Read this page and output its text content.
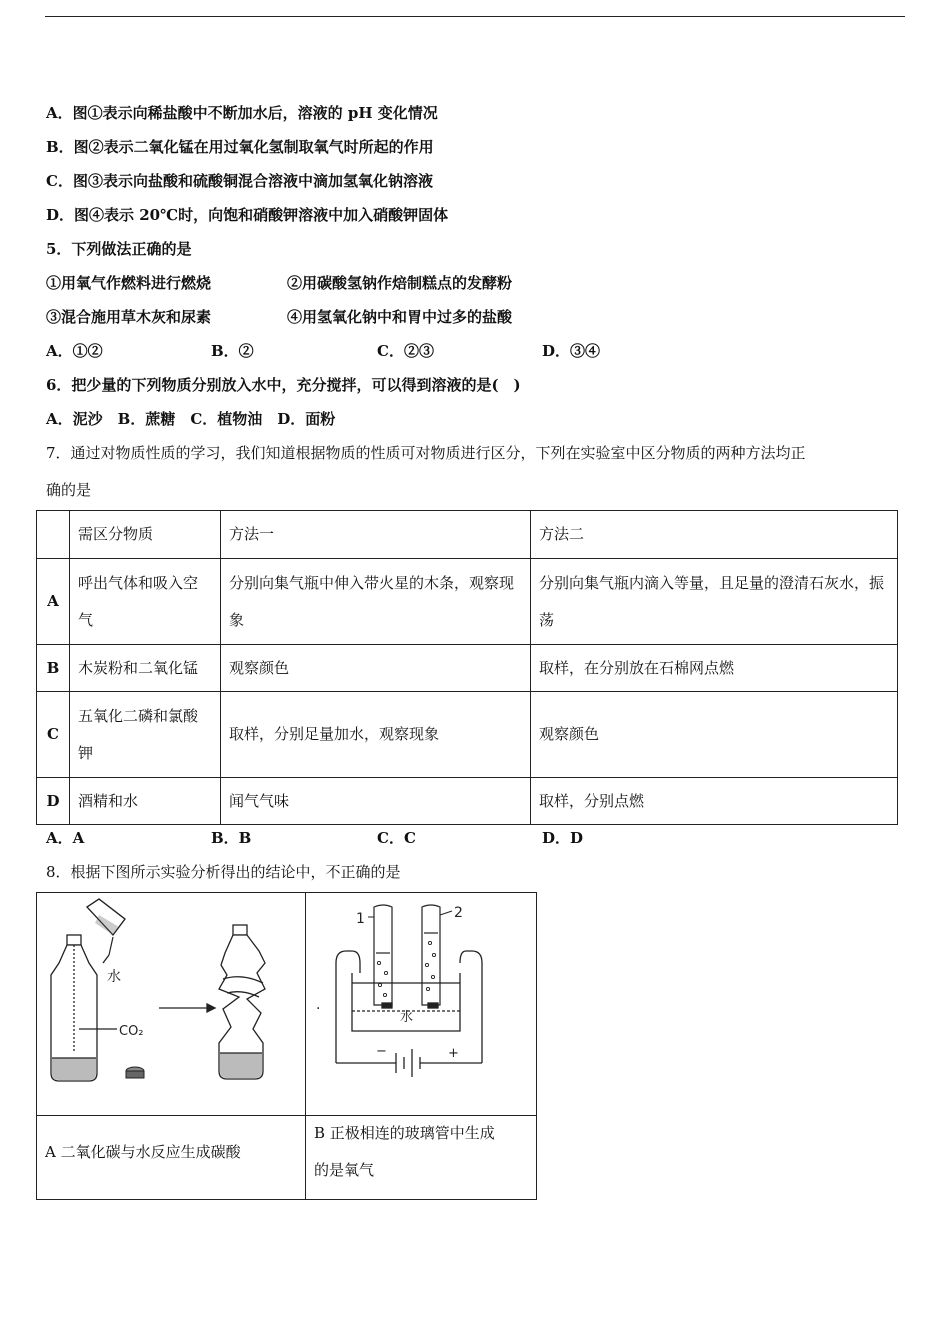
A．图①表示向稀盐酸中不断加水后，溶液的 pH 变化情况
B．图②表示二氧化锰在用过氧化氢制取氧气时所起的作用
C．图③表示向盐酸和硫酸铜混合溶液中滴加氢氧化钠溶液
D．图④表示 20℃时，向饱和硝酸钾溶液中加入硝酸钾固体
5．下列做法正确的是
①用氧气作燃料进行燃烧	②用碳酸氢钠作焙制糕点的发酵粉
③混合施用草木灰和尿素	④用氢氧化钠中和胃中过多的盐酸
A．①②	B．②	C．②③	D．③④
6．把少量的下列物质分别放入水中，充分搅拌，可以得到溶液的是(　)
A．泥沙　B．蔗糖　C．植物油　D．面粉
7．通过对物质性质的学习，我们知道根据物质的性质可对物质进行区分，下列在实验室中区分物质的两种方法均正
确的是
	需区分物质	方法一	方法二
A	呼出气体和吸入空气	分别向集气瓶中伸入带火星的木条，观察现象	分别向集气瓶内滴入等量，且足量的澄清石灰水，振荡
B	木炭粉和二氧化锰	观察颜色	取样，在分别放在石棉网点燃
C	五氧化二磷和氯酸钾	取样，分别足量加水，观察现象	观察颜色
D	酒精和水	闻气气味	取样，分别点燃
A．A	B．B	C．C	D．D
8．根据下图所示实验分析得出的结论中，不正确的是
水
CO₂
.
1	2
水
−	+
A 二氧化碳与水反应生成碳酸
B 正极相连的玻璃管中生成
的是氧气
